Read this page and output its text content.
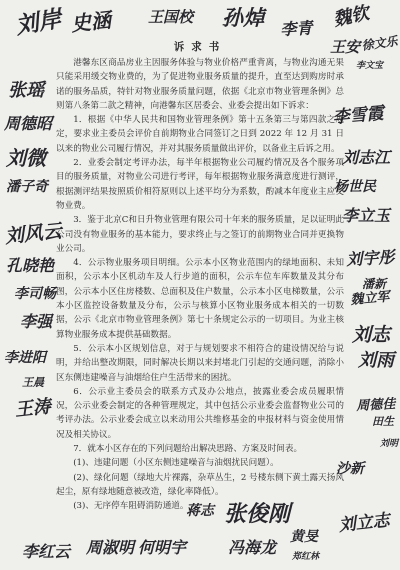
诉求书

港馨东区商品房业主因服务体验与物业价格严重背离，与物业沟通无果只能采用缓交物业费的，为了促进物业服务质量的提升，直至达到购房时承诺的服务品质，特针对物业服务质量问题，依据《北京市物业管理条例》总则第八条第二款之精神，向港馨东区居委会、业委会提出如下诉求：

1．根据《中华人民共和国物业管理条例》第十五条第三与第四款之规定，要求业主委员会评价自前期物业合同签订之日到 2022 年 12 月 31 日以来的物业公司履行情况，并对其服务质量做出评价，以备业主后诉之用。

2．业委会制定考评办法，每半年根据物业公司履约情况及各个服务项目的服务质量，对物业公司进行考评，每年根据物业服务满意度进行测评，根据测评结果按照质价相符原则以上述平均分为系数，酌减本年度业主应交物业费。

3．鉴于北京C和日升物业管理有限公司十年来的服务质量，足以证明此公司没有物业服务的基本能力，要求终止与之签订的前期物业合同并更换物业公司。

4．公示物业服务项目明细。公示本小区物业范围内的绿地面积、未知面积，公示本小区机动车及人行步道的面积，公示车位车库数量及其分布图，公示本小区住房楼数、总面积及住户数量，公示本小区电梯数量，公示本小区监控设备数量及分布，公示与核算小区物业服务成本相关的一切数据，公示《北京市物业管理条例》第七十条规定公示的一切项目。为业主核算物业服务成本提供基础数据。

5．公示本小区规划信息，对于与规划要求不相符合的建设情况给与说明，并给出整改期限，同时解决长期以来封堵北门引起的交通问题，消除小区东侧违建噪音与油烟给住户生活带来的困扰。

6．公示业主委员会的联系方式及办公地点，披露业委会成员履职情况，公示业委会制定的各种管理规定，其中包括公示业委会监督物业公司的考评办法。公示业委会成立以来动用公共维修基金的申报材料与资金使用情况及相关协议。

7．就本小区存在的下列问题给出解决思路、方案及时间表。

(1)、违建问题（小区东侧违建噪音与油烟扰民问题）。

(2)、绿化问题（绿地大片裸露，杂草丛生，2 号楼东侧下黄土露天扬风起尘，原有绿地随意被改造，绿化率降低）。

(3)、无序停车阻碍消防通道。

刘岸 史涵 王国校 孙焯 李青 魏钦
王安 徐文乐
李文宝
张瑶
周德昭
刘微
潘子奇
刘风云
孔晓艳
李司畅
李强
李进阳
王晨
王涛
李雪霞
刘志江
杨世民
李立玉
刘宇彤
潘新
魏立军
刘志
刘雨
周德佳
田生
刘明
沙新
蒋志 张俊刚
黄旻
刘立志
李红云 周淑明 何明宇	冯海龙 郑红林
